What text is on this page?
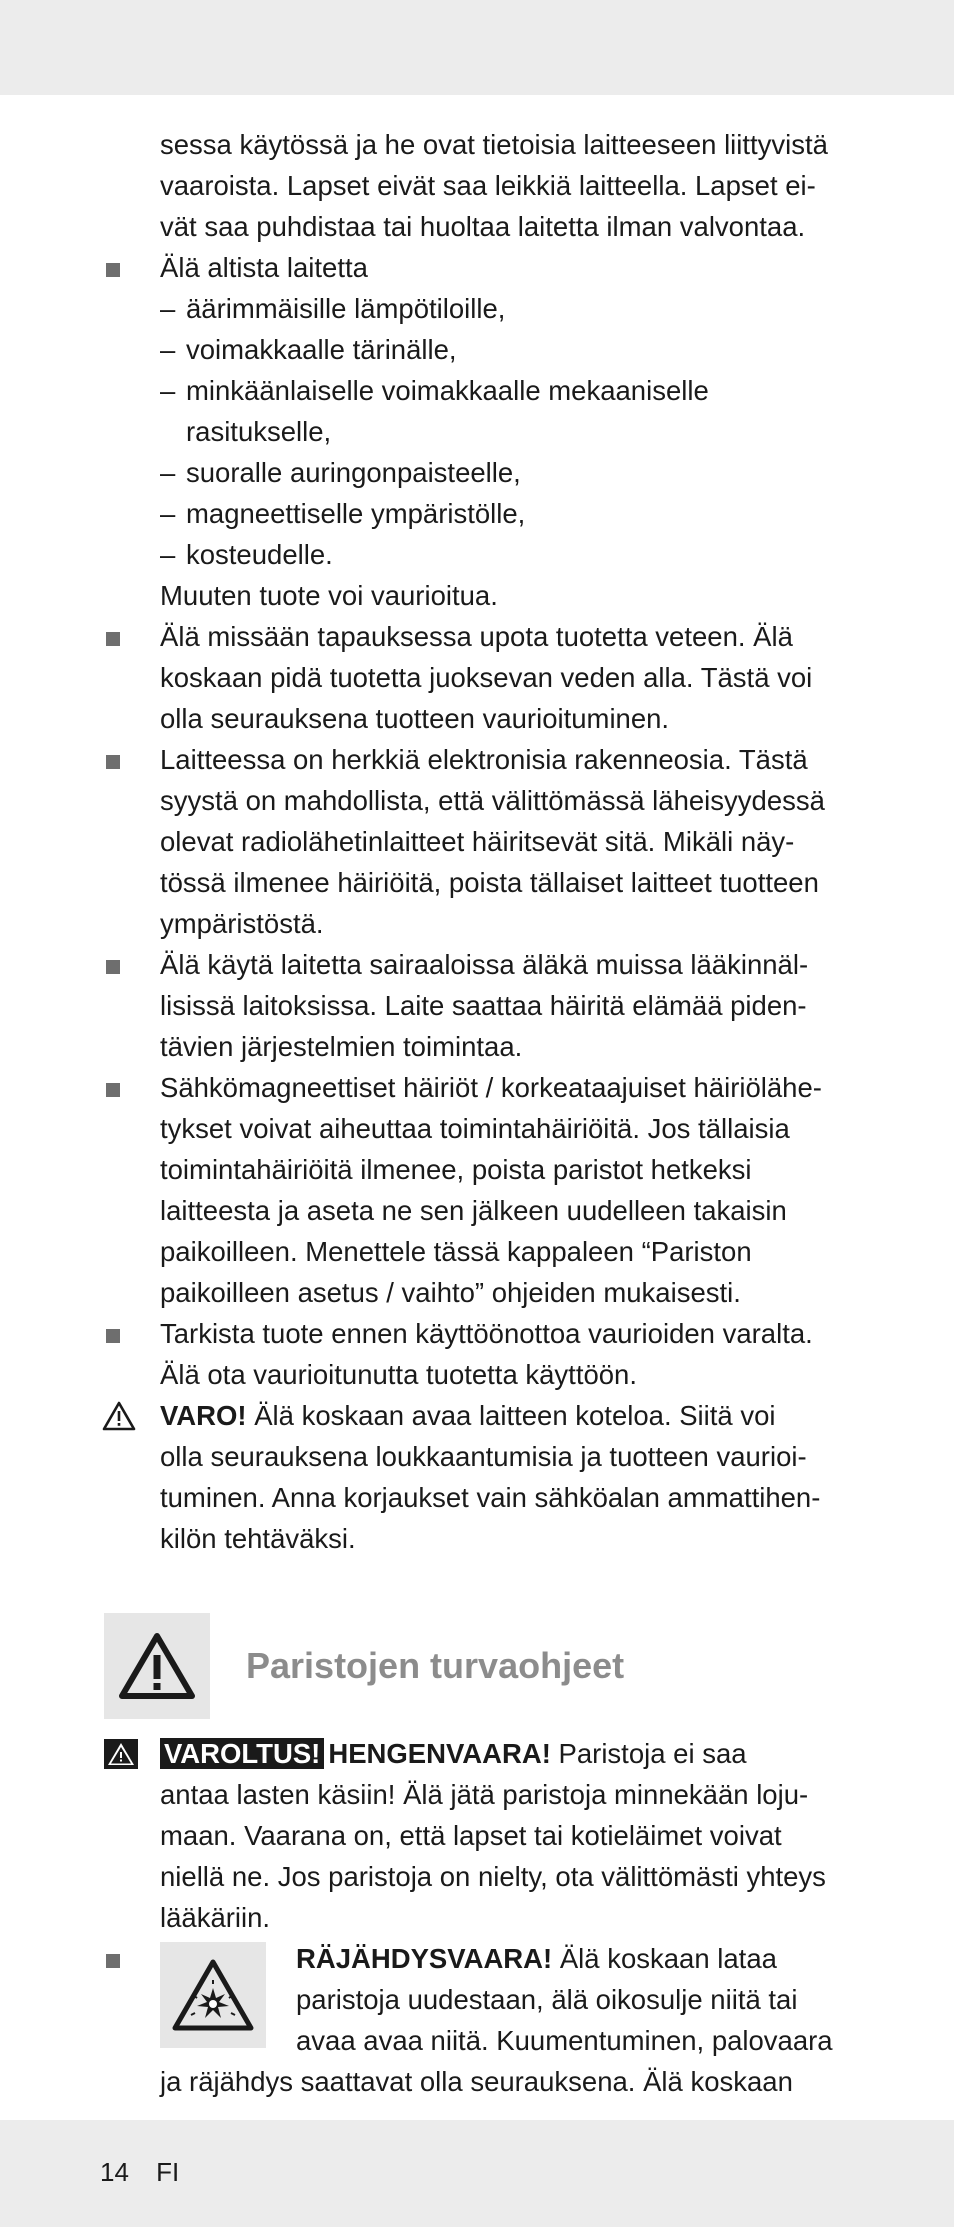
sessa käytössä ja he ovat tietoisia laitteeseen liittyvistä
vaaroista. Lapset eivät saa leikkiä laitteella. Lapset ei-
vät saa puhdistaa tai huoltaa laitetta ilman valvontaa.
Älä altista laitetta
– äärimmäisille lämpötiloille,
– voimakkaalle tärinälle,
– minkäänlaiselle voimakkaalle mekaaniselle
rasitukselle,
– suoralle auringonpaisteelle,
– magneettiselle ympäristölle,
– kosteudelle.
Muuten tuote voi vaurioitua.
Älä missään tapauksessa upota tuotetta veteen. Älä
koskaan pidä tuotetta juoksevan veden alla. Tästä voi
olla seurauksena tuotteen vaurioituminen.
Laitteessa on herkkiä elektronisia rakenneosia. Tästä
syystä on mahdollista, että välittömässä läheisyydessä
olevat radiolähetinlaitteet häiritsevät sitä. Mikäli näy-
tössä ilmenee häiriöitä, poista tällaiset laitteet tuotteen
ympäristöstä.
Älä käytä laitetta sairaaloissa äläkä muissa lääkinnäl-
lisissä laitoksissa. Laite saattaa häiritä elämää piden-
tävien järjestelmien toimintaa.
Sähkömagneettiset häiriöt / korkeataajuiset häiriölähe-
tykset voivat aiheuttaa toimintahäiriöitä. Jos tällaisia
toimintahäiriöitä ilmenee, poista paristot hetkeksi
laitteesta ja aseta ne sen jälkeen uudelleen takaisin
paikoilleen. Menettele tässä kappaleen “Pariston
paikoilleen asetus / vaihto” ohjeiden mukaisesti.
Tarkista tuote ennen käyttöönottoa vaurioiden varalta.
Älä ota vaurioitunutta tuotetta käyttöön.
VARO! Älä koskaan avaa laitteen koteloa. Siitä voi
olla seurauksena loukkaantumisia ja tuotteen vaurioi-
tuminen. Anna korjaukset vain sähköalan ammattihen-
kilön tehtäväksi.
Paristojen turvaohjeet
VAROLTUS! HENGENVAARA! Paristoja ei saa
antaa lasten käsiin! Älä jätä paristoja minnekään loju-
maan. Vaarana on, että lapset tai kotieläimet voivat
niellä ne. Jos paristoja on nielty, ota välittömästi yhteys
lääkäriin.
RÄJÄHDYSVAARA! Älä koskaan lataa
paristoja uudestaan, älä oikosulje niitä tai
avaa avaa niitä. Kuumentuminen, palovaara
ja räjähdys saattavat olla seurauksena. Älä koskaan
14 FI
